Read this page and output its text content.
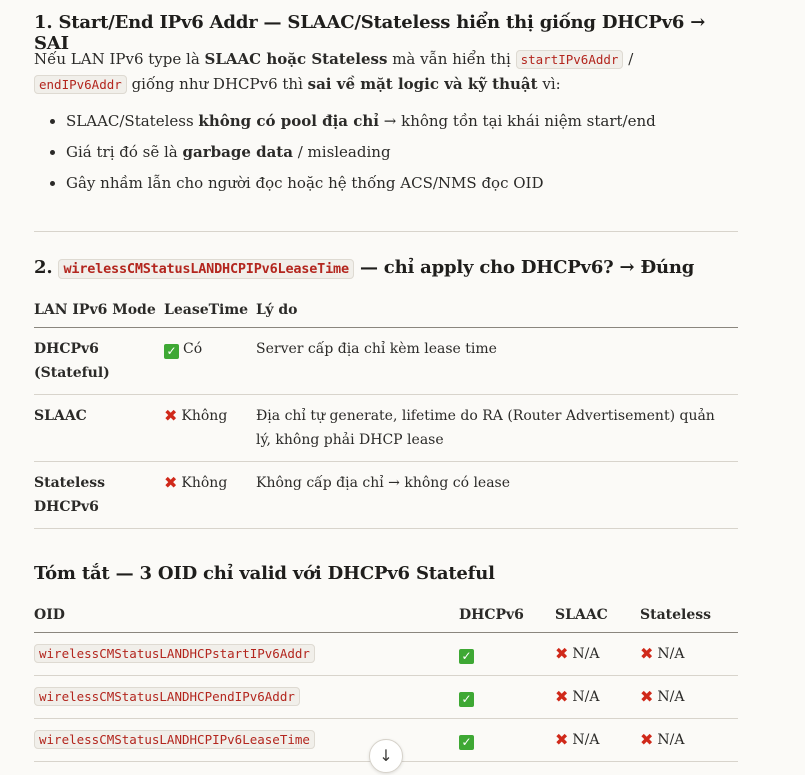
1. Start/End IPv6 Addr — SLAAC/Stateless hiển thị giống DHCPv6 → SAI

Nếu LAN IPv6 type là SLAAC hoặc Stateless mà vẫn hiển thị startIPv6Addr /
endIPv6Addr giống như DHCPv6 thì sai về mặt logic và kỹ thuật vì:

• SLAAC/Stateless không có pool địa chỉ → không tồn tại khái niệm start/end
• Giá trị đó sẽ là garbage data / misleading
• Gây nhầm lẫn cho người đọc hoặc hệ thống ACS/NMS đọc OID
2. wirelessCMStatusLANDHCPIPv6LeaseTime — chỉ apply cho DHCPv6? → Đúng
LAN IPv6 Mode	LeaseTime	Lý do
DHCPv6 (Stateful)	✓ Có	Server cấp địa chỉ kèm lease time
SLAAC	✖ Không	Địa chỉ tự generate, lifetime do RA (Router Advertisement) quản lý, không phải DHCP lease
Stateless DHCPv6	✖ Không	Không cấp địa chỉ → không có lease
Tóm tắt — 3 OID chỉ valid với DHCPv6 Stateful
OID	DHCPv6	SLAAC	Stateless
wirelessCMStatusLANDHCPstartIPv6Addr	✓	✖ N/A	✖ N/A
wirelessCMStatusLANDHCPendIPv6Addr	✓	✖ N/A	✖ N/A
wirelessCMStatusLANDHCPIPv6LeaseTime	✓	✖ N/A	✖ N/A
↓
